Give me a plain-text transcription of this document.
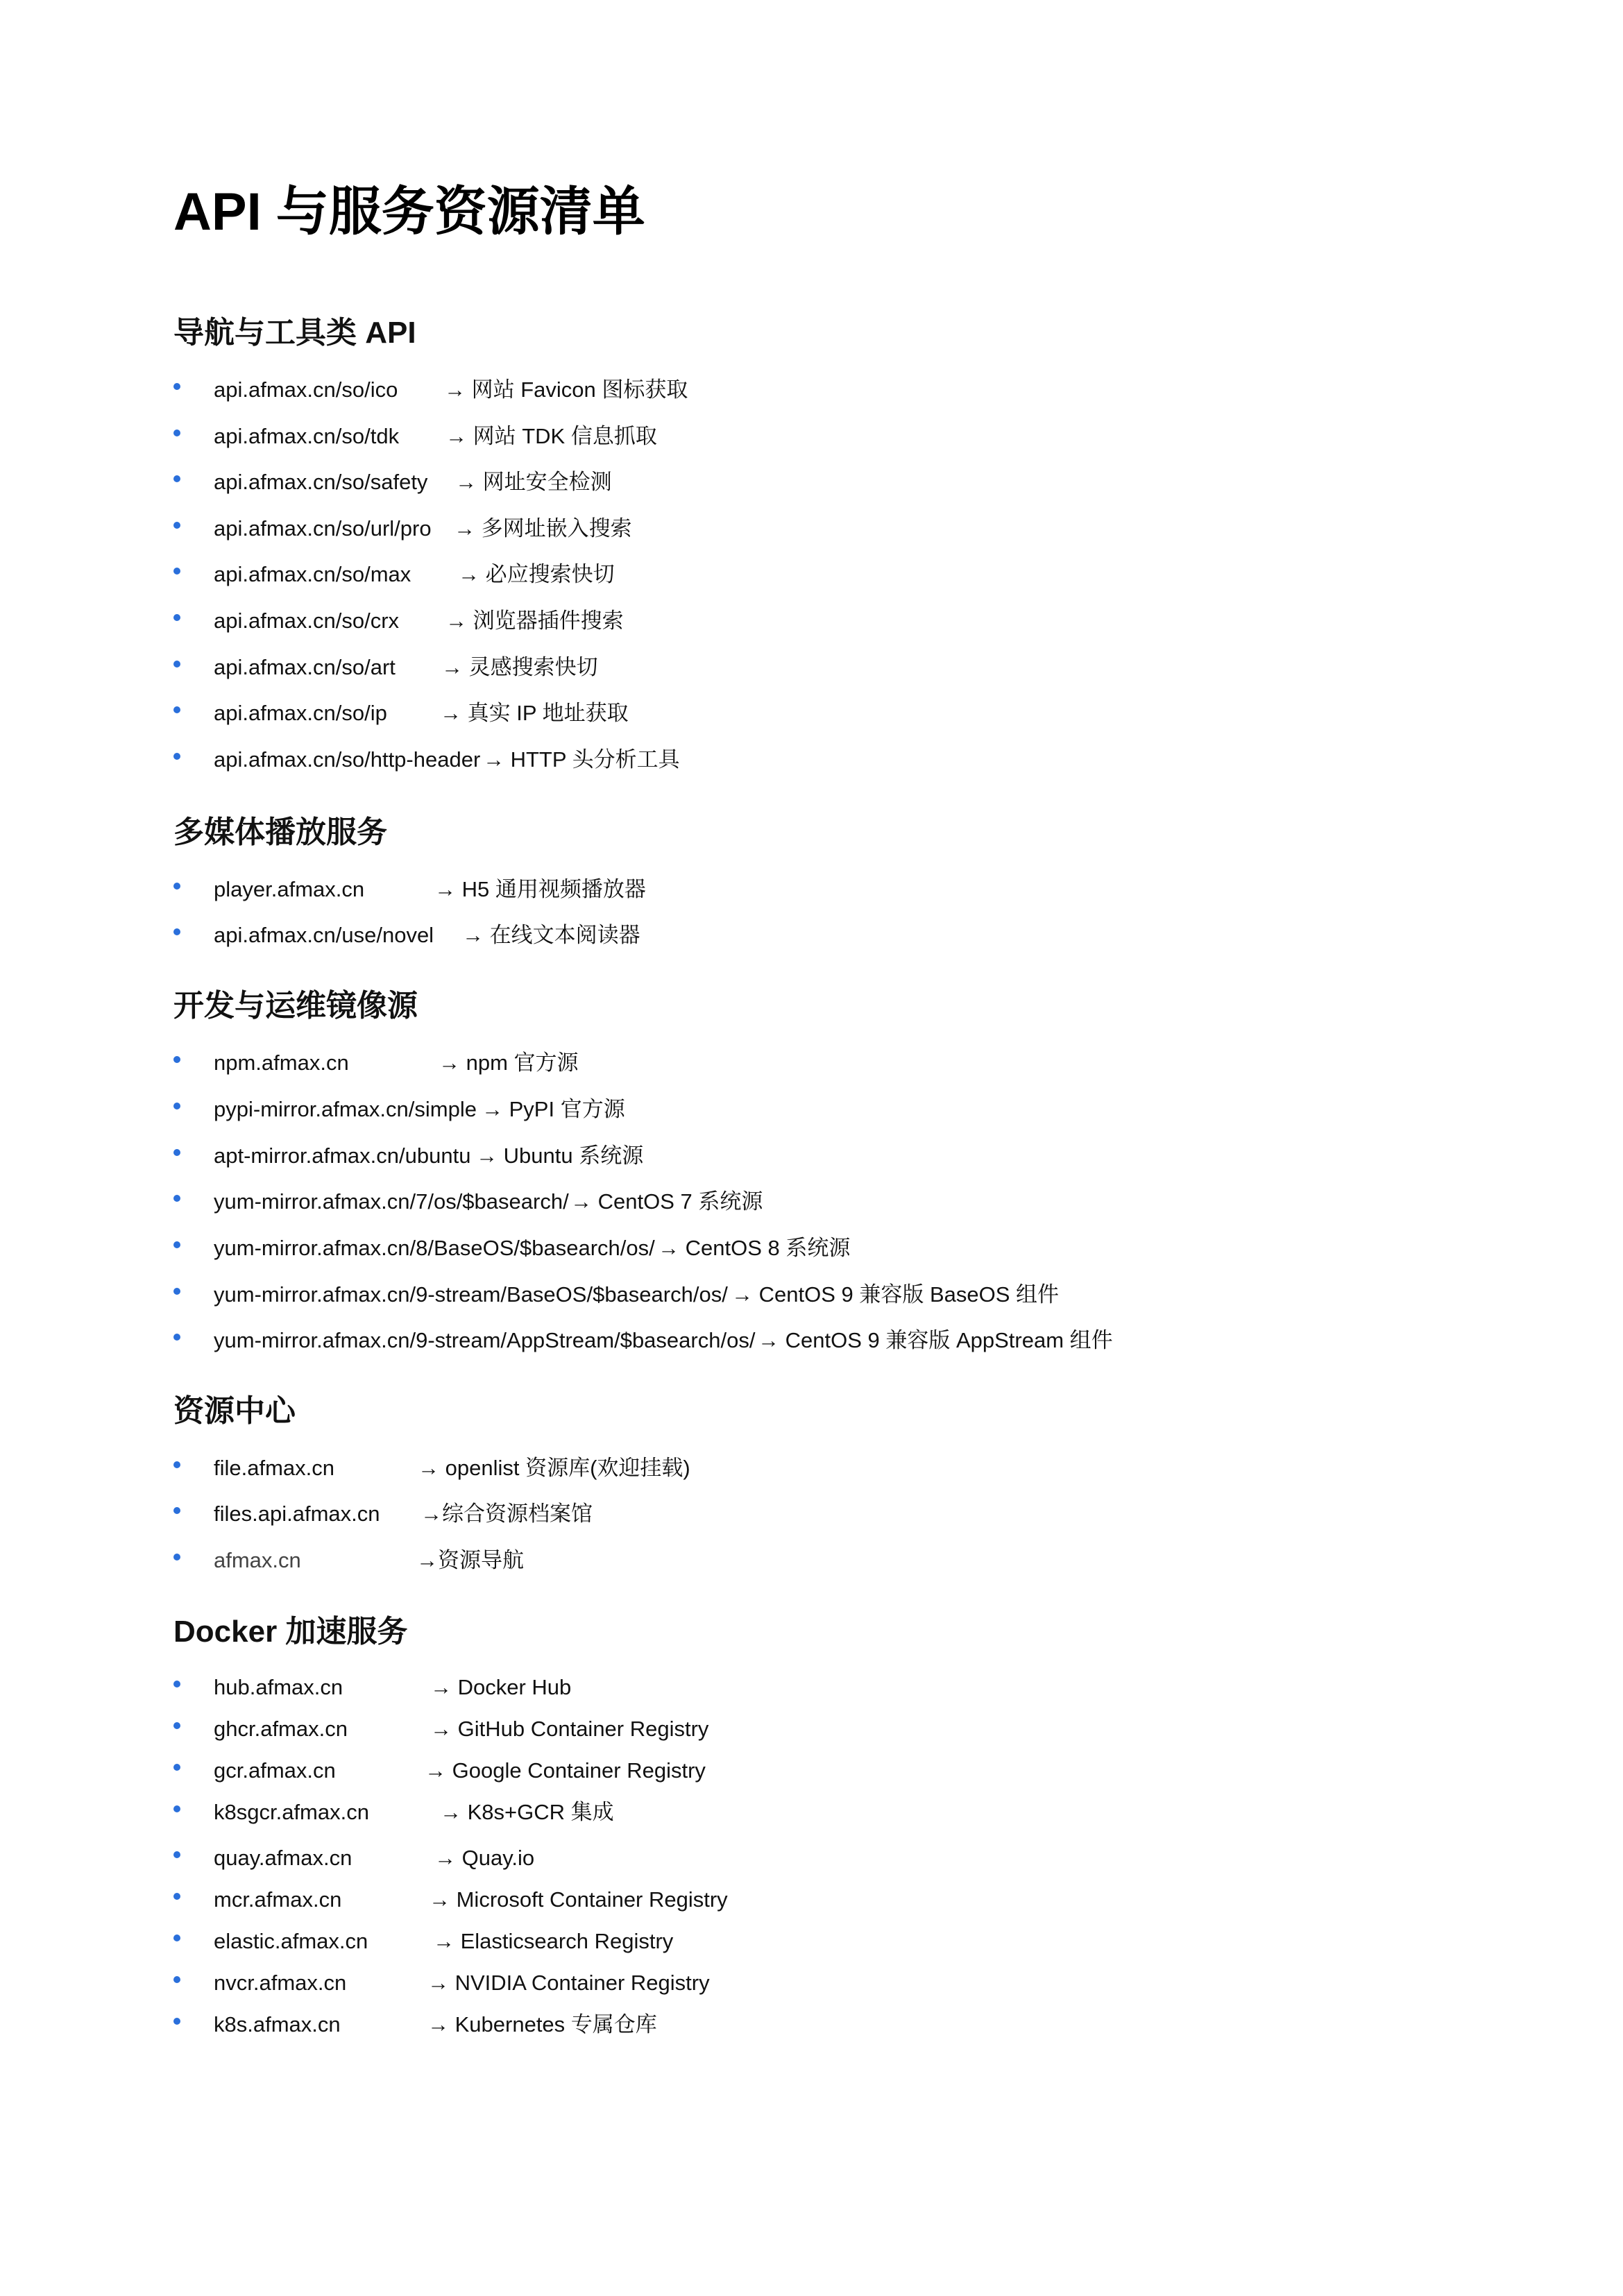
API 与服务资源清单
导航与工具类 API
api.afmax.cn/so/ico → 网站 Favicon 图标获取
api.afmax.cn/so/tdk → 网站 TDK 信息抓取
api.afmax.cn/so/safety → 网址安全检测
api.afmax.cn/so/url/pro → 多网址嵌入搜索
api.afmax.cn/so/max → 必应搜索快切
api.afmax.cn/so/crx → 浏览器插件搜索
api.afmax.cn/so/art → 灵感搜索快切
api.afmax.cn/so/ip → 真实 IP 地址获取
api.afmax.cn/so/http-header → HTTP 头分析工具
多媒体播放服务
player.afmax.cn	→ H5 通用视频播放器
api.afmax.cn/use/novel → 在线文本阅读器
开发与运维镜像源
npm.afmax.cn	→ npm 官方源
pypi-mirror.afmax.cn/simple → PyPI 官方源
apt-mirror.afmax.cn/ubuntu → Ubuntu 系统源
yum-mirror.afmax.cn/7/os/$basearch/ → CentOS 7 系统源
yum-mirror.afmax.cn/8/BaseOS/$basearch/os/ → CentOS 8 系统源
yum-mirror.afmax.cn/9-stream/BaseOS/$basearch/os/ → CentOS 9 兼容版 BaseOS 组件
yum-mirror.afmax.cn/9-stream/AppStream/$basearch/os/ → CentOS 9 兼容版 AppStream 组件
资源中心
file.afmax.cn	→ openlist 资源库(欢迎挂载)
files.api.afmax.cn →综合资源档案馆
afmax.cn	→资源导航
Docker 加速服务
hub.afmax.cn	→ Docker Hub
ghcr.afmax.cn	→ GitHub Container Registry
gcr.afmax.cn	→ Google Container Registry
k8sgcr.afmax.cn	→ K8s+GCR 集成
quay.afmax.cn	→ Quay.io
mcr.afmax.cn	→ Microsoft Container Registry
elastic.afmax.cn	→ Elasticsearch Registry
nvcr.afmax.cn	→ NVIDIA Container Registry
k8s.afmax.cn	→ Kubernetes 专属仓库
